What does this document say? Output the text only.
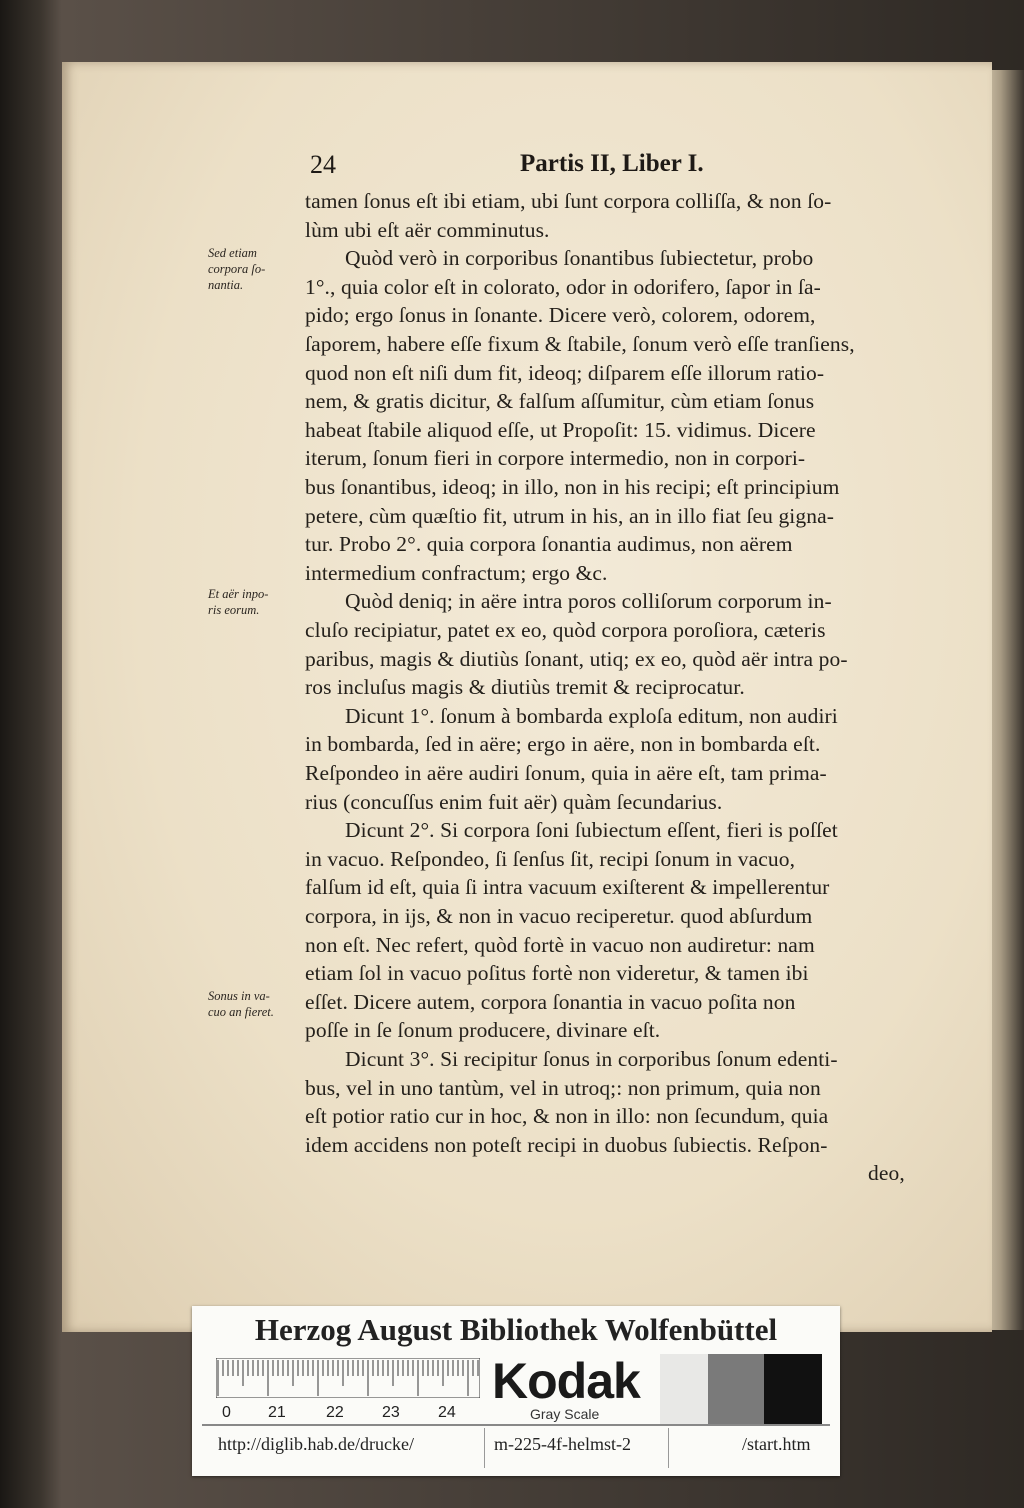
24	Partis II, Liber I.
tamen ſonus eſt ibi etiam, ubi ſunt corpora colliſſa, & non ſo-
lùm ubi eſt aër comminutus.
Quòd verò in corporibus ſonantibus ſubiectetur, probo
1°., quia color eſt in colorato, odor in odorifero, ſapor in ſa-
pido; ergo ſonus in ſonante. Dicere verò, colorem, odorem,
ſaporem, habere eſſe fixum & ſtabile, ſonum verò eſſe tranſiens,
quod non eſt niſi dum fit, ideoq; diſparem eſſe illorum ratio-
nem, & gratis dicitur, & falſum aſſumitur, cùm etiam ſonus
habeat ſtabile aliquod eſſe, ut Propoſit: 15. vidimus. Dicere
iterum, ſonum fieri in corpore intermedio, non in corpori-
bus ſonantibus, ideoq; in illo, non in his recipi; eſt principium
petere, cùm quæſtio fit, utrum in his, an in illo fiat ſeu gigna-
tur. Probo 2°. quia corpora ſonantia audimus, non aërem
intermedium confractum; ergo &c.
Quòd deniq; in aëre intra poros colliſorum corporum in-
cluſo recipiatur, patet ex eo, quòd corpora poroſiora, cæteris
paribus, magis & diutiùs ſonant, utiq; ex eo, quòd aër intra po-
ros incluſus magis & diutiùs tremit & reciprocatur.
Dicunt 1°. ſonum à bombarda exploſa editum, non audiri
in bombarda, ſed in aëre; ergo in aëre, non in bombarda eſt.
Reſpondeo in aëre audiri ſonum, quia in aëre eſt, tam prima-
rius (concuſſus enim fuit aër) quàm ſecundarius.
Dicunt 2°. Si corpora ſoni ſubiectum eſſent, fieri is poſſet
in vacuo. Reſpondeo, ſi ſenſus ſit, recipi ſonum in vacuo,
falſum id eſt, quia ſi intra vacuum exiſterent & impellerentur
corpora, in ijs, & non in vacuo reciperetur. quod abſurdum
non eſt. Nec refert, quòd fortè in vacuo non audiretur: nam
etiam ſol in vacuo poſitus fortè non videretur, & tamen ibi
eſſet. Dicere autem, corpora ſonantia in vacuo poſita non
poſſe in ſe ſonum producere, divinare eſt.
Dicunt 3°. Si recipitur ſonus in corporibus ſonum edenti-
bus, vel in uno tantùm, vel in utroq;: non primum, quia non
eſt potior ratio cur in hoc, & non in illo: non ſecundum, quia
idem accidens non poteſt recipi in duobus ſubiectis. Reſpon-
deo,
Sed etiam
corpora ſo-
nantia.
Et aër inpo-
ris eorum.
Sonus in va-
cuo an fieret.
Herzog August Bibliothek Wolfenbüttel
0 21	22 23 24
Kodak
Gray Scale
http://diglib.hab.de/drucke/	m-225-4f-helmst-2	/start.htm
